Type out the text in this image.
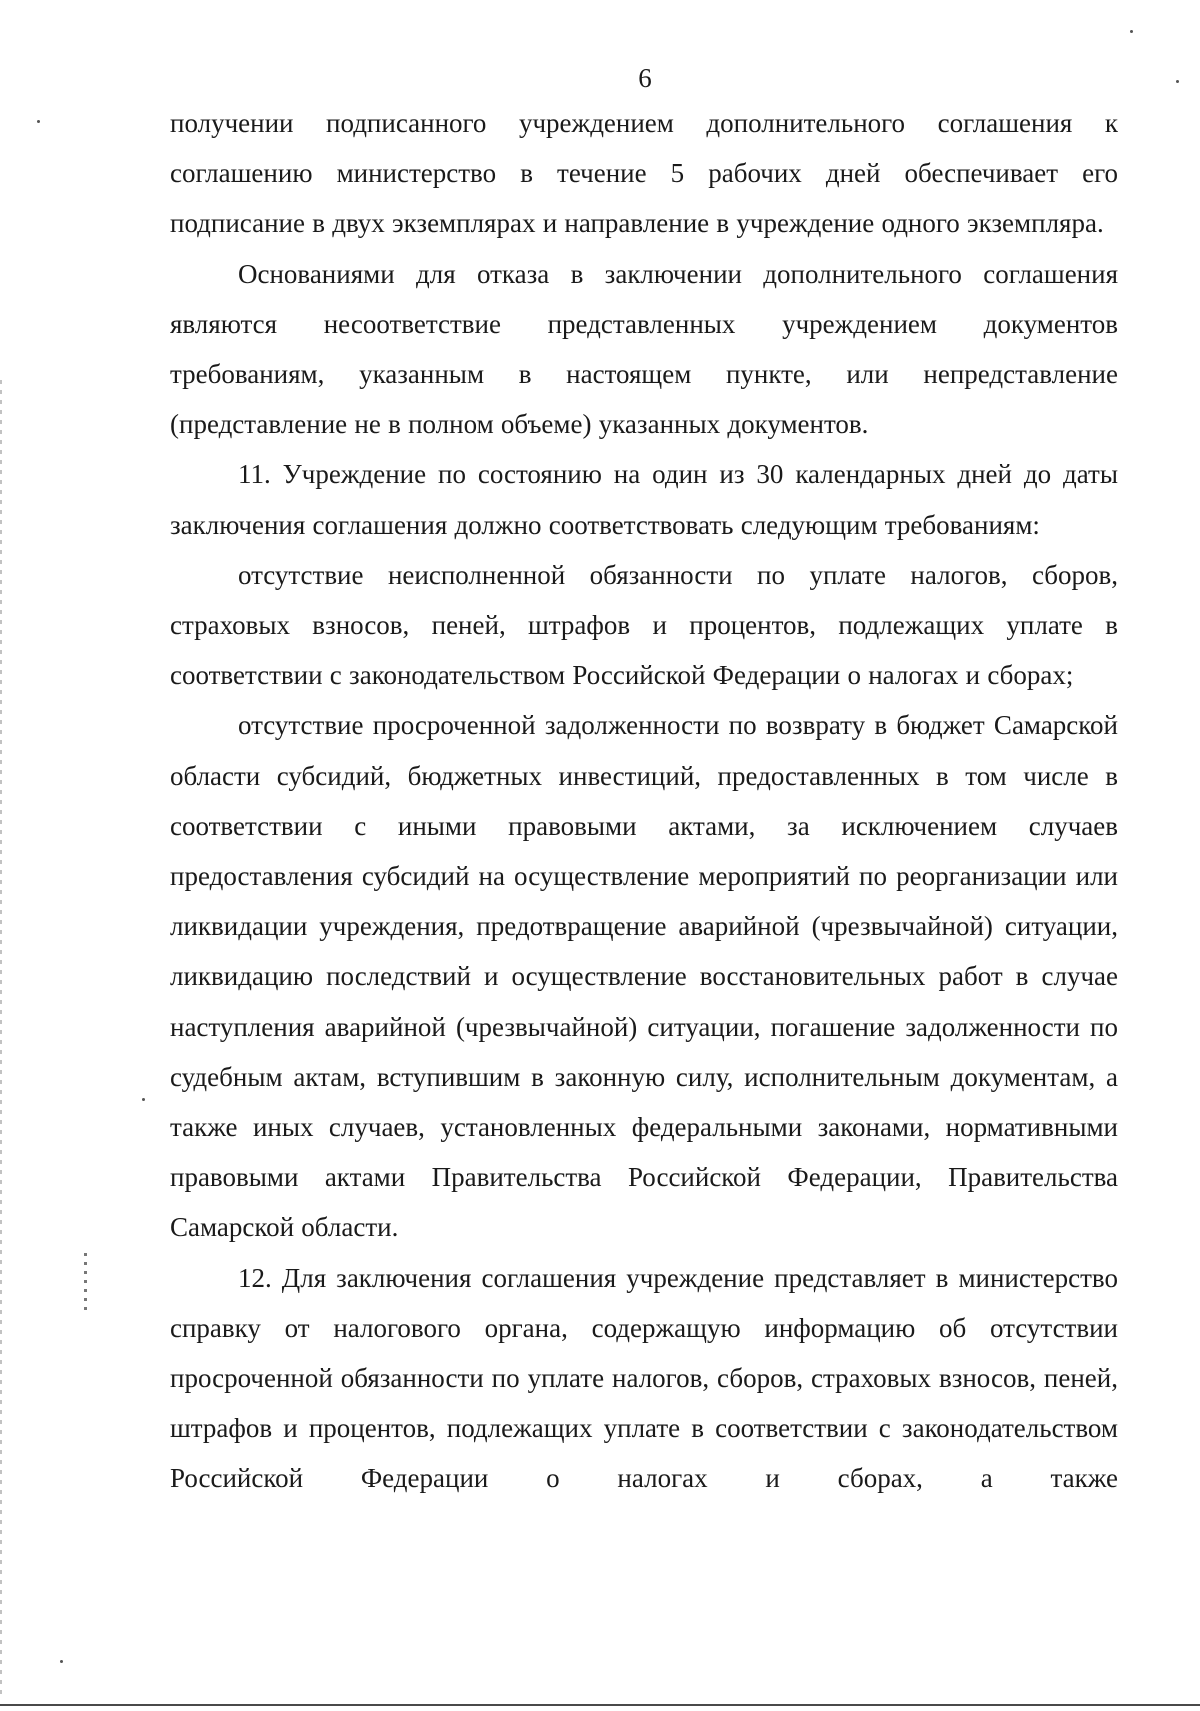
6

получении подписанного учреждением дополнительного соглашения к соглашению министерство в течение 5 рабочих дней обеспечивает его подписание в двух экземплярах и направление в учреждение одного экземпляра.

Основаниями для отказа в заключении дополнительного соглашения являются несоответствие представленных учреждением документов требованиям, указанным в настоящем пункте, или непредставление (представление не в полном объеме) указанных документов.

11. Учреждение по состоянию на один из 30 календарных дней до даты заключения соглашения должно соответствовать следующим требованиям:

отсутствие неисполненной обязанности по уплате налогов, сборов, страховых взносов, пеней, штрафов и процентов, подлежащих уплате в соответствии с законодательством Российской Федерации о налогах и сборах;

отсутствие просроченной задолженности по возврату в бюджет Самарской области субсидий, бюджетных инвестиций, предоставленных в том числе в соответствии с иными правовыми актами, за исключением случаев предоставления субсидий на осуществление мероприятий по реорганизации или ликвидации учреждения, предотвращение аварийной (чрезвычайной) ситуации, ликвидацию последствий и осуществление восстановительных работ в случае наступления аварийной (чрезвычайной) ситуации, погашение задолженности по судебным актам, вступившим в законную силу, исполнительным документам, а также иных случаев, установленных федеральными законами, нормативными правовыми актами Правительства Российской Федерации, Правительства Самарской области.

12. Для заключения соглашения учреждение представляет в министерство справку от налогового органа, содержащую информацию об отсутствии просроченной обязанности по уплате налогов, сборов, страховых взносов, пеней, штрафов и процентов, подлежащих уплате в соответствии с законодательством Российской Федерации о налогах и сборах, а также
